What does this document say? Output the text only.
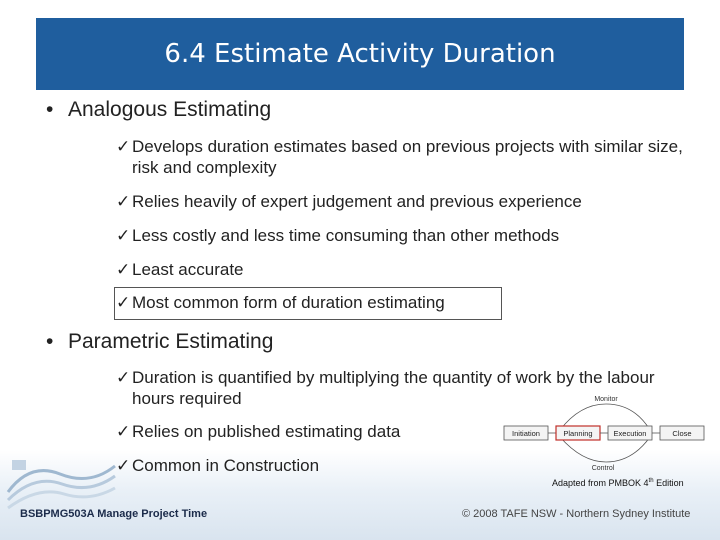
6.4 Estimate Activity Duration
• Analogous Estimating
✓ Develops duration estimates based on previous projects with similar size, risk and complexity
✓ Relies heavily of expert judgement and previous experience
✓ Less costly and less time consuming than other methods
✓ Least accurate
✓ Most common form of duration estimating
• Parametric Estimating
✓ Duration is quantified by multiplying the quantity of work by the labour hours required
✓ Relies on published estimating data
✓ Common in Construction
Monitor
Initiation	Planning	Execution	Close
Control
Adapted from PMBOK 4th Edition
BSBPMG503A Manage Project Time	© 2008 TAFE NSW - Northern Sydney Institute
